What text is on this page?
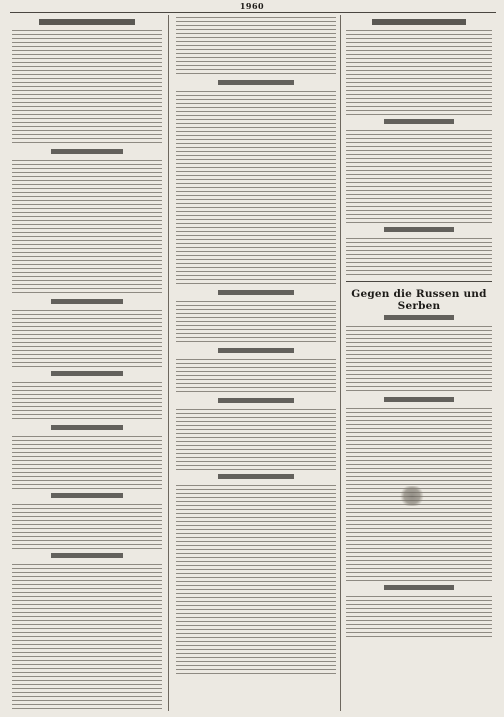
1960
Gegen die Russen und Serben
